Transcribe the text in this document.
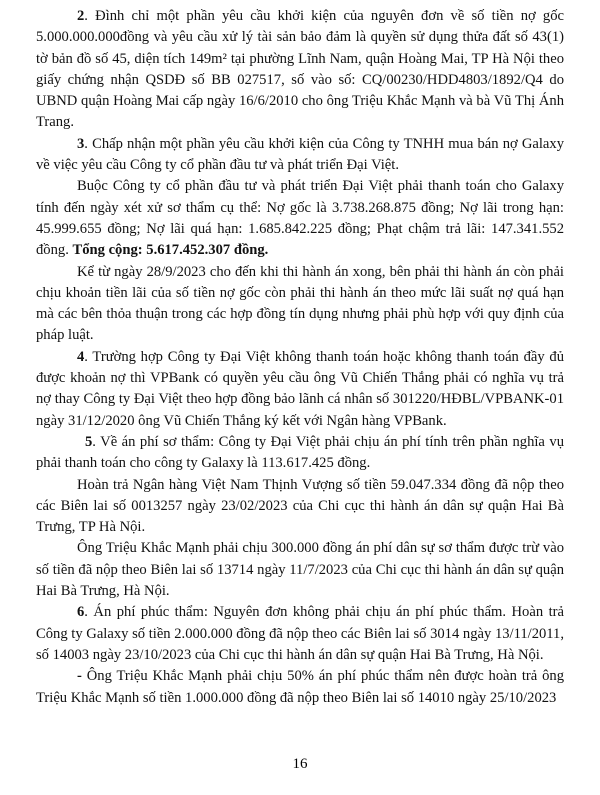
2. Đình chỉ một phần yêu cầu khởi kiện của nguyên đơn về số tiền nợ gốc 5.000.000.000đồng và yêu cầu xử lý tài sản bảo đảm là quyền sử dụng thửa đất số 43(1) tờ bản đồ số 45, diện tích 149m² tại phường Lĩnh Nam, quận Hoàng Mai, TP Hà Nội theo giấy chứng nhận QSDĐ số BB 027517, số vào số: CQ/00230/HDD4803/1892/Q4 do UBND quận Hoàng Mai cấp ngày 16/6/2010 cho ông Triệu Khắc Mạnh và bà Vũ Thị Ánh Trang.

3. Chấp nhận một phần yêu cầu khởi kiện của Công ty TNHH mua bán nợ Galaxy về việc yêu cầu Công ty cổ phần đầu tư và phát triển Đại Việt.

Buộc Công ty cổ phần đầu tư và phát triển Đại Việt phải thanh toán cho Galaxy tính đến ngày xét xử sơ thẩm cụ thể: Nợ gốc là 3.738.268.875 đồng; Nợ lãi trong hạn: 45.999.655 đồng; Nợ lãi quá hạn: 1.685.842.225 đồng; Phạt chậm trả lãi: 147.341.552 đồng. Tổng cộng: 5.617.452.307 đồng.

Kể từ ngày 28/9/2023 cho đến khi thi hành án xong, bên phải thi hành án còn phải chịu khoản tiền lãi của số tiền nợ gốc còn phải thi hành án theo mức lãi suất nợ quá hạn mà các bên thỏa thuận trong các hợp đồng tín dụng nhưng phải phù hợp với quy định của pháp luật.

4. Trường hợp Công ty Đại Việt không thanh toán hoặc không thanh toán đầy đủ được khoản nợ thì VPBank có quyền yêu cầu ông Vũ Chiến Thắng phải có nghĩa vụ trả nợ thay Công ty Đại Việt theo hợp đồng bảo lãnh cá nhân số 301220/HĐBL/VPBANK-01 ngày 31/12/2020 ông Vũ Chiến Thắng ký kết với Ngân hàng VPBank.

5. Về án phí sơ thẩm: Công ty Đại Việt phải chịu án phí tính trên phần nghĩa vụ phải thanh toán cho công ty Galaxy là 113.617.425 đồng.

Hoàn trả Ngân hàng Việt Nam Thịnh Vượng số tiền 59.047.334 đồng đã nộp theo các Biên lai số 0013257 ngày 23/02/2023 của Chi cục thi hành án dân sự quận Hai Bà Trưng, TP Hà Nội.

Ông Triệu Khắc Mạnh phải chịu 300.000 đồng án phí dân sự sơ thẩm được trừ vào số tiền đã nộp theo Biên lai số 13714 ngày 11/7/2023 của Chi cục thi hành án dân sự quận Hai Bà Trưng, Hà Nội.

6. Án phí phúc thẩm: Nguyên đơn không phải chịu án phí phúc thẩm. Hoàn trả Công ty Galaxy số tiền 2.000.000 đồng đã nộp theo các Biên lai số 3014 ngày 13/11/2011, số 14003 ngày 23/10/2023 của Chi cục thi hành án dân sự quận Hai Bà Trưng, Hà Nội.

- Ông Triệu Khắc Mạnh phải chịu 50% án phí phúc thẩm nên được hoàn trả ông Triệu Khắc Mạnh số tiền 1.000.000 đồng đã nộp theo Biên lai số 14010 ngày 25/10/2023

16
